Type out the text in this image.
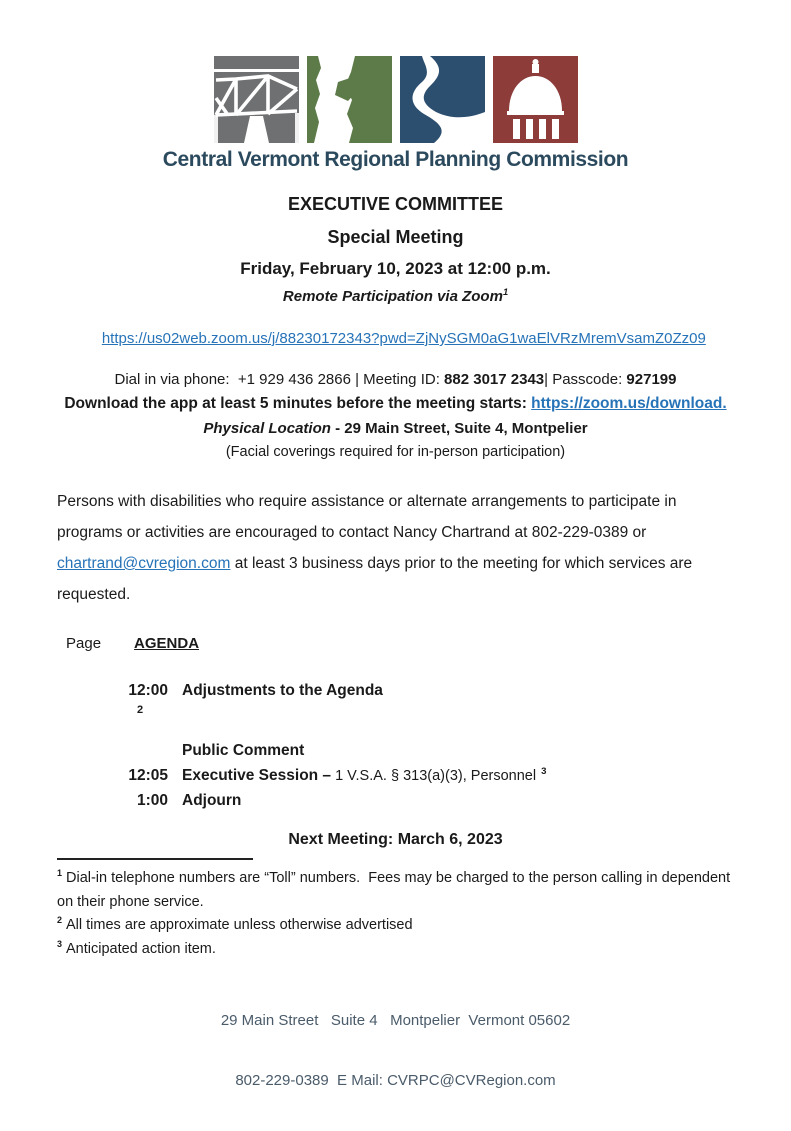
Central Vermont Regional Planning Commission
EXECUTIVE COMMITTEE
Special Meeting
Friday, February 10, 2023 at 12:00 p.m.
Remote Participation via Zoom$^1$

https://us02web.zoom.us/j/88230172343?pwd=ZjNySGM0aG1waElVRzMremVsamZ0Zz09

Dial in via phone:  +1 929 436 2866 | Meeting ID: 882 3017 2343| Passcode: 927199
Download the app at least 5 minutes before the meeting starts: https://zoom.us/download.
Physical Location - 29 Main Street, Suite 4, Montpelier
(Facial coverings required for in-person participation)

Persons with disabilities who require assistance or alternate arrangements to participate in programs or activities are encouraged to contact Nancy Chartrand at 802-229-0389 or chartrand@cvregion.com at least 3 business days prior to the meeting for which services are requested.

Page AGENDA
12:00
2
Adjustments to the Agenda
Public Comment
12:05 Executive Session – 1 V.S.A. § 313(a)(3), Personnel $^3$
1:00 Adjourn
Next Meeting: March 6, 2023
$^1$ Dial-in telephone numbers are “Toll” numbers.  Fees may be charged to the person calling in dependent on their phone service.
$^2$ All times are approximate unless otherwise advertised
$^3$ Anticipated action item.

29 Main Street   Suite 4   Montpelier  Vermont 05602

802-229-0389  E Mail: CVRPC@CVRegion.com
